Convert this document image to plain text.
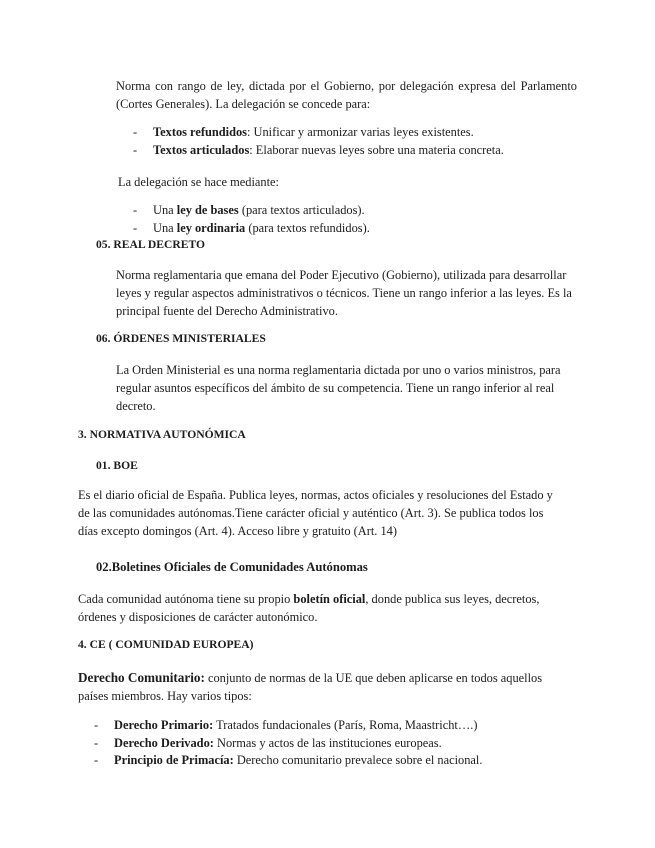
Norma con rango de ley, dictada por el Gobierno, por delegación expresa del Parlamento (Cortes Generales). La delegación se concede para:
- Textos refundidos: Unificar y armonizar varias leyes existentes.
- Textos articulados: Elaborar nuevas leyes sobre una materia concreta.
La delegación se hace mediante:
- Una ley de bases (para textos articulados).
- Una ley ordinaria (para textos refundidos).
05. REAL DECRETO
Norma reglamentaria que emana del Poder Ejecutivo (Gobierno), utilizada para desarrollar leyes y regular aspectos administrativos o técnicos. Tiene un rango inferior a las leyes. Es la principal fuente del Derecho Administrativo.
06. ÓRDENES MINISTERIALES
La Orden Ministerial es una norma reglamentaria dictada por uno o varios ministros, para regular asuntos específicos del ámbito de su competencia. Tiene un rango inferior al real decreto.
3. NORMATIVA AUTONÓMICA
01. BOE
Es el diario oficial de España. Publica leyes, normas, actos oficiales y resoluciones del Estado y de las comunidades autónomas.Tiene carácter oficial y auténtico (Art. 3). Se publica todos los días excepto domingos (Art. 4). Acceso libre y gratuito (Art. 14)
02.Boletines Oficiales de Comunidades Autónomas
Cada comunidad autónoma tiene su propio boletín oficial, donde publica sus leyes, decretos, órdenes y disposiciones de carácter autonómico.
4. CE ( COMUNIDAD EUROPEA)
Derecho Comunitario: conjunto de normas de la UE que deben aplicarse en todos aquellos países miembros. Hay varios tipos:
- Derecho Primario: Tratados fundacionales (París, Roma, Maastricht….)
- Derecho Derivado: Normas y actos de las instituciones europeas.
- Principio de Primacía: Derecho comunitario prevalece sobre el nacional.
